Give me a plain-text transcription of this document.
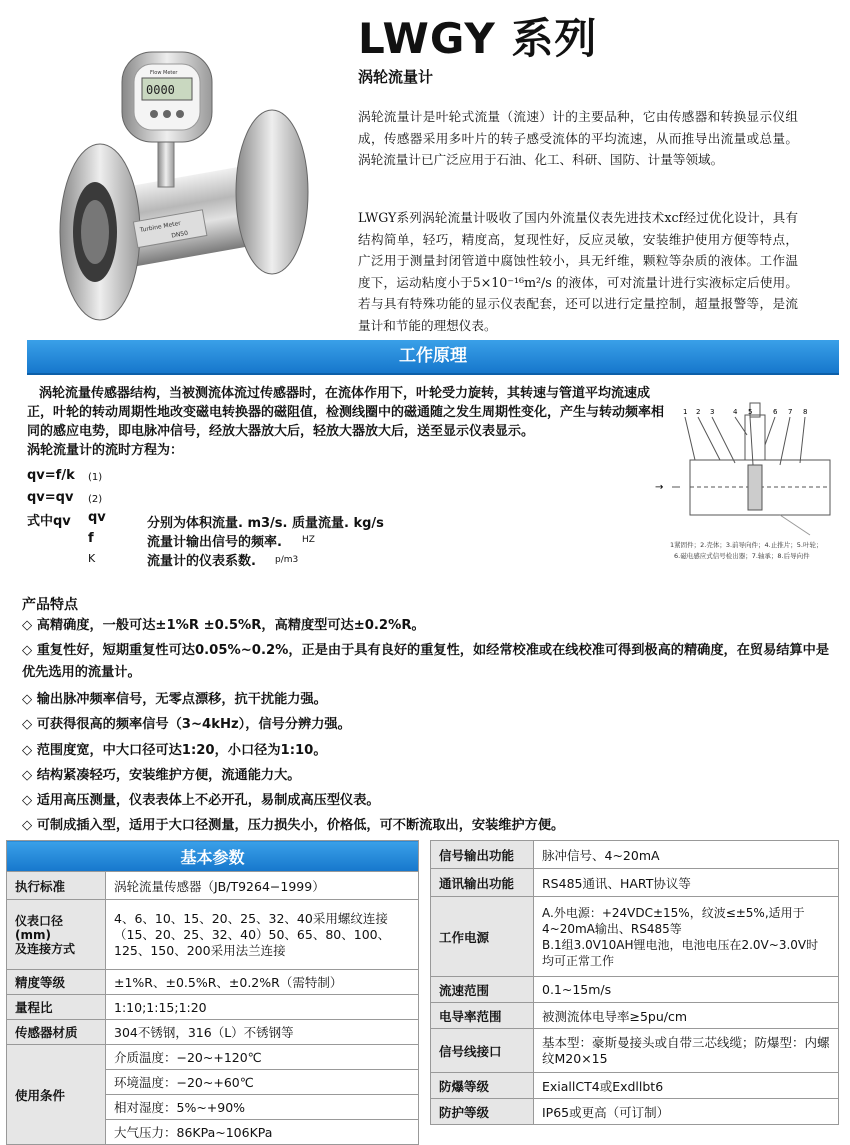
LWGY 系列
涡轮流量计
Turbine Meter
DN50
0000
Flow Meter
涡轮流量计是叶轮式流量（流速）计的主要品种，它由传感器和转换显示仪组成，传感器采用多叶片的转子感受流体的平均流速，从而推导出流量或总量。涡轮流量计已广泛应用于石油、化工、科研、国防、计量等领域。
LWGY系列涡轮流量计吸收了国内外流量仪表先进技术xcf经过优化设计，具有结构简单，轻巧，精度高，复现性好，反应灵敏，安装维护使用方便等特点，广泛用于测量封闭管道中腐蚀性较小，具无纤维，颗粒等杂质的液体。工作温度下，运动粘度小于5×10⁻¹⁶m²/s 的液体，可对流量计进行实液标定后使用。若与具有特殊功能的显示仪表配套，还可以进行定量控制，超量报警等，是流量计和节能的理想仪表。
工作原理
涡轮流量传感器结构，当被测流体流过传感器时，在流体作用下，叶轮受力旋转，其转速与管道平均流速成正，叶轮的转动周期性地改变磁电转换器的磁阻值，检测线圈中的磁通随之发生周期性变化，产生与转动频率相同的感应电势，即电脉冲信号，经放大器放大后，轻放大器放大后，送至显示仪表显示。
涡轮流量计的流时方程为：
qv=f/k (1)
qv=qv (2)
式中qv qv	分别为体积流量. m3/s. 质量流量. kg/s
f	流量计输出信号的频率. HZ
K	流量计的仪表系数. p/m3
→
1 2 3	4 5	6 7 8
1紧固件；2.壳体；3.前导向件；4.止推片；5.叶轮；
6.磁电感应式信号检出器；7.轴承；8.后导向件
产品特点
◇ 高精确度，一般可达±1%R ±0.5%R，高精度型可达±0.2%R。
◇ 重复性好，短期重复性可达0.05%~0.2%，正是由于具有良好的重复性，如经常校准或在线校准可得到极高的精确度，在贸易结算中是优先选用的流量计。
◇ 输出脉冲频率信号，无零点漂移，抗干扰能力强。
◇ 可获得很高的频率信号（3~4kHz），信号分辨力强。
◇ 范围度宽，中大口径可达1:20，小口径为1:10。
◇ 结构紧凑轻巧，安装维护方便，流通能力大。
◇ 适用高压测量，仪表表体上不必开孔，易制成高压型仪表。
◇ 可制成插入型，适用于大口径测量，压力损失小，价格低，可不断流取出，安装维护方便。
基本参数	
执行标准	涡轮流量传感器（JB/T9264−1999）
仪表口径 (mm)
及连接方式	4、6、10、15、20、25、32、40采用螺纹连接（15、20、25、32、40）50、65、80、100、125、150、200采用法兰连接
精度等级	±1%R、±0.5%R、±0.2%R（需特制）
量程比	1:10;1:15;1:20
传感器材质	304不锈钢，316（L）不锈钢等
使用条件	介质温度：−20~+120℃
	环境温度：−20~+60℃
	相对湿度：5%~+90%
	大气压力：86KPa~106KPa
信号输出功能	脉冲信号、4~20mA
通讯输出功能	RS485通讯、HART协议等
工作电源	A.外电源：+24VDC±15%，纹波≤±5%,适用于4~20mA输出、RS485等
B.1组3.0V10AH锂电池，电池电压在2.0V~3.0V时均可正常工作

流速范围	0.1~15m/s
电导率范围	被测流体电导率≥5pu/cm
信号线接口	基本型：豪斯曼接头或自带三芯线缆；防爆型：内螺纹M20×15
防爆等级	ExiallCT4或Exdllbt6
防护等级	IP65或更高（可订制）
